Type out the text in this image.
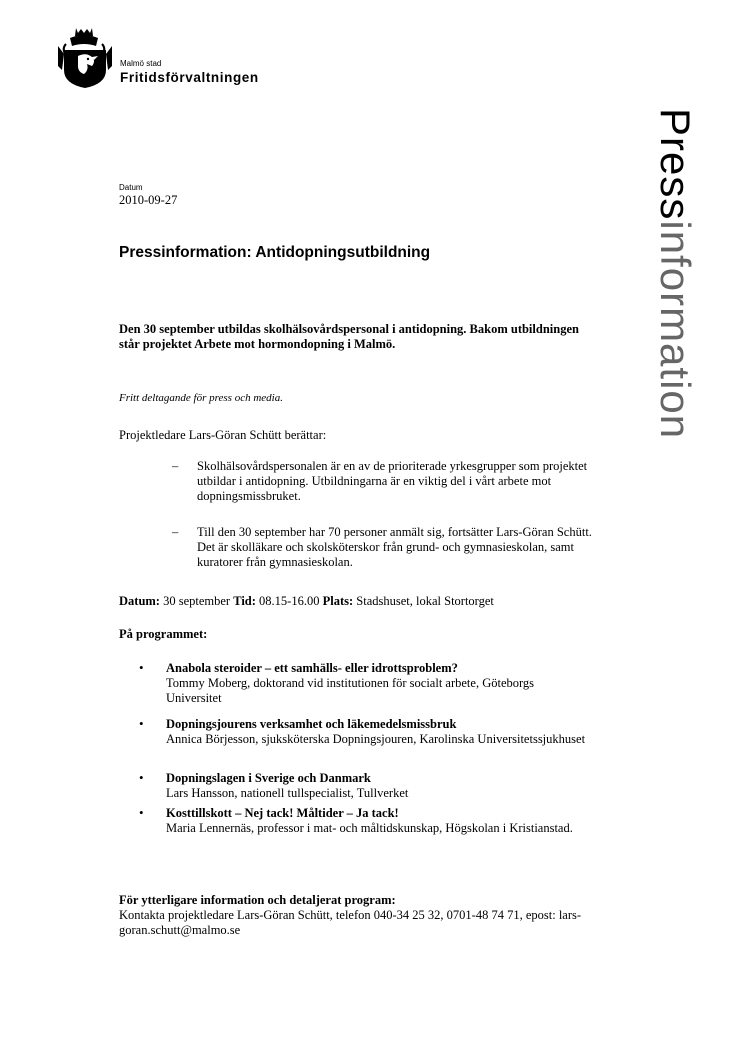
Malmö stad
Fritidsförvaltningen
Pressinformation
Datum
2010-09-27
Pressinformation: Antidopningsutbildning
Den 30 september utbildas skolhälsovårdspersonal i antidopning. Bakom utbildningen står projektet Arbete mot hormondopning i Malmö.
Fritt deltagande för press och media.
Projektledare Lars-Göran Schütt berättar:
– Skolhälsovårdspersonalen är en av de prioriterade yrkesgrupper som projektet utbildar i antidopning. Utbildningarna är en viktig del i vårt arbete mot dopningsmissbruket.
– Till den 30 september har 70 personer anmält sig, fortsätter Lars-Göran Schütt. Det är skolläkare och skolsköterskor från grund- och gymnasieskolan, samt kuratorer från gymnasieskolan.
Datum: 30 september Tid: 08.15-16.00 Plats: Stadshuset, lokal Stortorget
På programmet:
• Anabola steroider – ett samhälls- eller idrottsproblem?
Tommy Moberg, doktorand vid institutionen för socialt arbete, Göteborgs Universitet
• Dopningsjourens verksamhet och läkemedelsmissbruk
Annica Börjesson, sjuksköterska Dopningsjouren, Karolinska Universitetssjukhuset
• Dopningslagen i Sverige och Danmark
Lars Hansson, nationell tullspecialist, Tullverket
• Kosttillskott – Nej tack! Måltider – Ja tack!
Maria Lennernäs, professor i mat- och måltidskunskap, Högskolan i Kristianstad.
För ytterligare information och detaljerat program:
Kontakta projektledare Lars-Göran Schütt, telefon 040-34 25 32, 0701-48 74 71, epost: lars-goran.schutt@malmo.se
